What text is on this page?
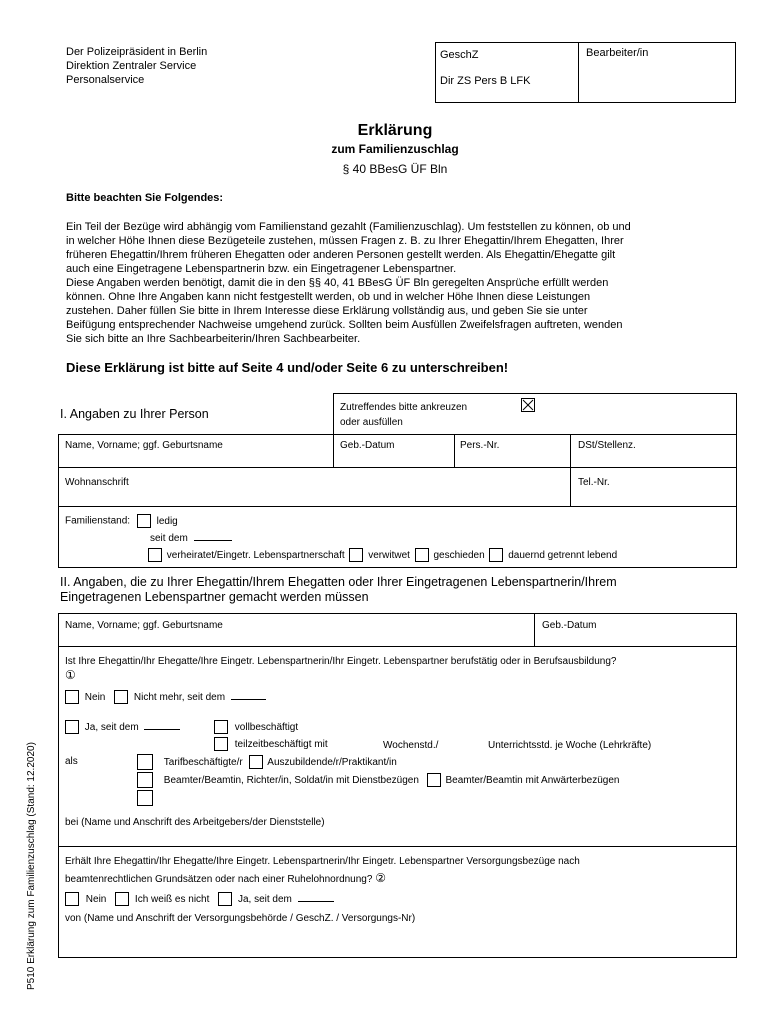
Der Polizeipräsident in Berlin
Direktion Zentraler Service
Personalservice
GeschZ
Dir ZS Pers B LFK
Bearbeiter/in
Erklärung
zum Familienzuschlag
§ 40 BBesG ÜF Bln
Bitte beachten Sie Folgendes:
Ein Teil der Bezüge wird abhängig vom Familienstand gezahlt (Familienzuschlag). Um feststellen zu können, ob und
in welcher Höhe Ihnen diese Bezügeteile zustehen, müssen Fragen z. B. zu Ihrer Ehegattin/Ihrem Ehegatten, Ihrer
früheren Ehegattin/Ihrem früheren Ehegatten oder anderen Personen gestellt werden. Als Ehegattin/Ehegatte gilt
auch eine Eingetragene Lebenspartnerin bzw. ein Eingetragener Lebenspartner.
Diese Angaben werden benötigt, damit die in den §§ 40, 41 BBesG ÜF Bln geregelten Ansprüche erfüllt werden
können. Ohne Ihre Angaben kann nicht festgestellt werden, ob und in welcher Höhe Ihnen diese Leistungen
zustehen. Daher füllen Sie bitte in Ihrem Interesse diese Erklärung vollständig aus, und geben Sie sie unter
Beifügung entsprechender Nachweise umgehend zurück. Sollten beim Ausfüllen Zweifelsfragen auftreten, wenden
Sie sich bitte an Ihre Sachbearbeiterin/Ihren Sachbearbeiter.
Diese Erklärung ist bitte auf Seite 4 und/oder Seite 6 zu unterschreiben!
I. Angaben zu Ihrer Person	Zutreffendes bitte ankreuzen
oder ausfüllen
Name, Vorname; ggf. Geburtsname	Geb.-Datum	Pers.-Nr.	DSt/Stellenz.
Wohnanschrift	Tel.-Nr.
Familienstand:	ledig
seit dem
verheiratet/Eingetr. Lebenspartnerschaft verwitwet geschieden dauernd getrennt lebend
II. Angaben, die zu Ihrer Ehegattin/Ihrem Ehegatten oder Ihrer Eingetragenen Lebenspartnerin/Ihrem
Eingetragenen Lebenspartner gemacht werden müssen
Name, Vorname; ggf. Geburtsname	Geb.-Datum
Ist Ihre Ehegattin/Ihr Ehegatte/Ihre Eingetr. Lebenspartnerin/Ihr Eingetr. Lebenspartner berufstätig oder in Berufsausbildung?
①
Nein	Nicht mehr, seit dem
Ja, seit dem	vollbeschäftigt
teilzeitbeschäftigt mit	Wochenstd./	Unterrichtsstd. je Woche (Lehrkräfte)
als	Tarifbeschäftigte/r Auszubildende/r/Praktikant/in
Beamter/Beamtin, Richter/in, Soldat/in mit Dienstbezügen	Beamter/Beamtin mit Anwärterbezügen
bei (Name und Anschrift des Arbeitgebers/der Dienststelle)
Erhält Ihre Ehegattin/Ihr Ehegatte/Ihre Eingetr. Lebenspartnerin/Ihr Eingetr. Lebenspartner Versorgungsbezüge nach
beamtenrechtlichen Grundsätzen oder nach einer Ruhelohnordnung? ②
Nein	Ich weiß es nicht	Ja, seit dem
von (Name und Anschrift der Versorgungsbehörde / GeschZ. / Versorgungs-Nr)
P510 Erklärung zum Familienzuschlag (Stand: 12.2020)
